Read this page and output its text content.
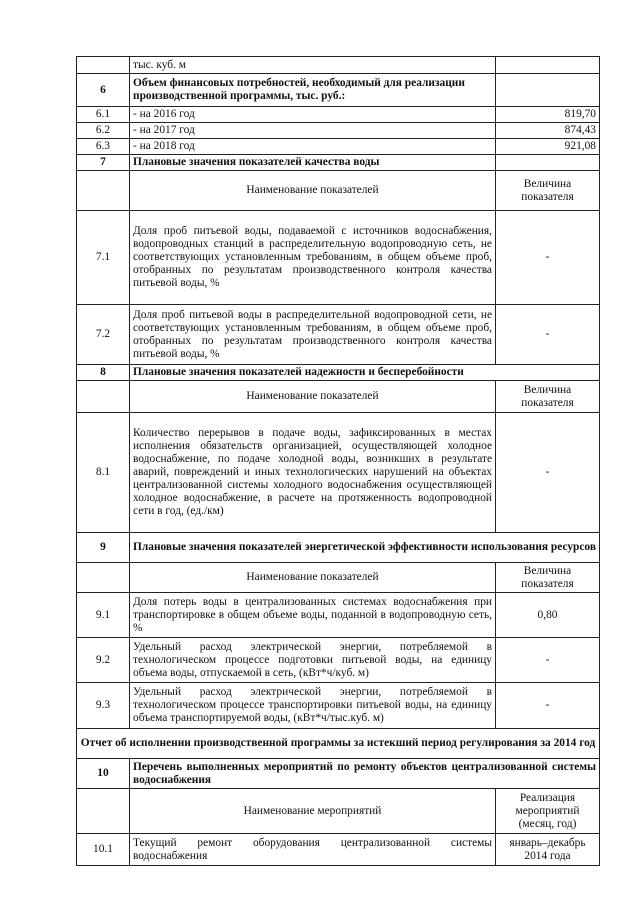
	тыс. куб. м	
6	Объем финансовых потребностей, необходимый для реализации производственной программы, тыс. руб.:	
6.1	- на 2016 год	819,70
6.2	- на 2017 год	874,43
6.3	- на 2018 год	921,08
7	Плановые значения показателей качества воды	
	Наименование показателей	Величина показателя
7.1	Доля проб питьевой воды, подаваемой с источников водоснабжения, водопроводных станций в распределительную водопроводную сеть, не соответствующих установленным требованиям, в общем объеме проб, отобранных по результатам производственного контроля качества питьевой воды, %	-
7.2	Доля проб питьевой воды в распределительной водопроводной сети, не соответствующих установленным требованиям, в общем объеме проб, отобранных по результатам производственного контроля качества питьевой воды, %	-
8	Плановые значения показателей надежности и бесперебойности	
	Наименование показателей	Величина показателя
8.1	Количество перерывов в подаче воды, зафиксированных в местах исполнения обязательств организацией, осуществляющей холодное водоснабжение, по подаче холодной воды, возникших в результате аварий, повреждений и иных технологических нарушений на объектах централизованной системы холодного водоснабжения осуществляющей холодное водоснабжение, в расчете на протяженность водопроводной сети в год, (ед./км)	-
9	Плановые значения показателей энергетической эффективности использования ресурсов	
	Наименование показателей	Величина показателя
9.1	Доля потерь воды в централизованных системах водоснабжения при транспортировке в общем объеме воды, поданной в водопроводную сеть, %	0,80
9.2	Удельный расход электрической энергии, потребляемой в технологическом процессе подготовки питьевой воды, на единицу объема воды, отпускаемой в сеть, (кВт*ч/куб. м)	-
9.3	Удельный расход электрической энергии, потребляемой в технологическом процессе транспортировки питьевой воды, на единицу объема транспортируемой воды, (кВт*ч/тыс.куб. м)	-
Отчет об исполнении производственной программы за истекший период регулирования за 2014 год		
10	Перечень выполненных мероприятий по ремонту объектов централизованной системы водоснабжения	
	Наименование мероприятий	Реализация мероприятий (месяц, год)
10.1	Текущий ремонт оборудования централизованной системы водоснабжения	январь–декабрь 2014 года
